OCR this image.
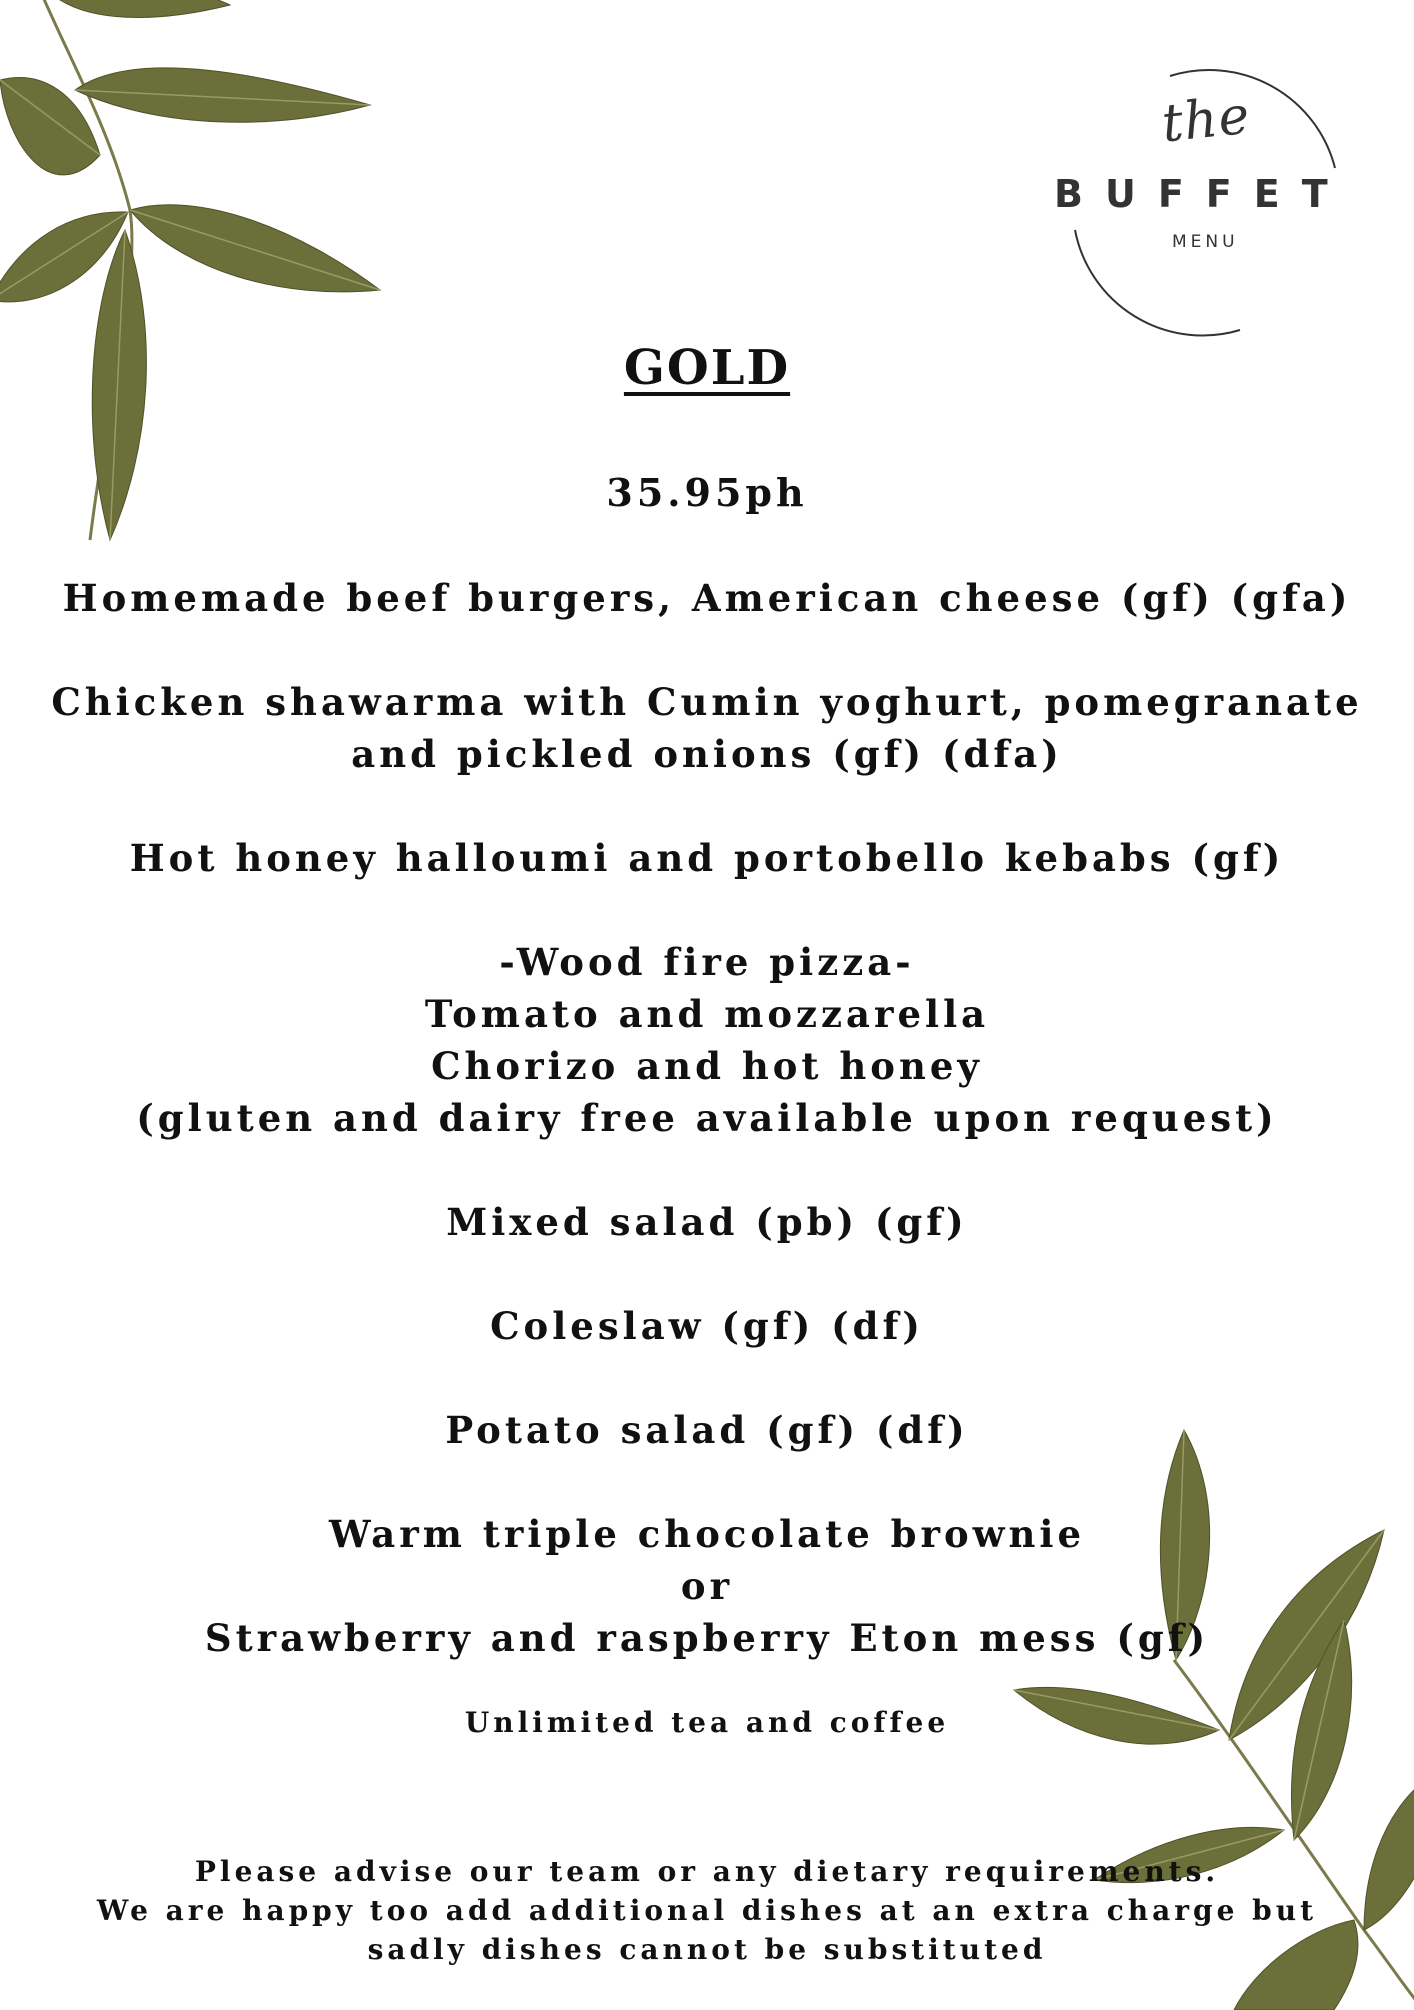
the
BUFFET
MENU
GOLD
35.95ph
Homemade beef burgers, American cheese (gf) (gfa)
Chicken shawarma with Cumin yoghurt, pomegranate
and pickled onions (gf) (dfa)
Hot honey halloumi and portobello kebabs (gf)
-Wood fire pizza-
Tomato and mozzarella
Chorizo and hot honey
(gluten and dairy free available upon request)
Mixed salad (pb) (gf)
Coleslaw (gf) (df)
Potato salad (gf) (df)
Warm triple chocolate brownie
or
Strawberry and raspberry Eton mess (gf)
Unlimited tea and coffee
Please advise our team or any dietary requirements.
We are happy too add additional dishes at an extra charge but
sadly dishes cannot be substituted
